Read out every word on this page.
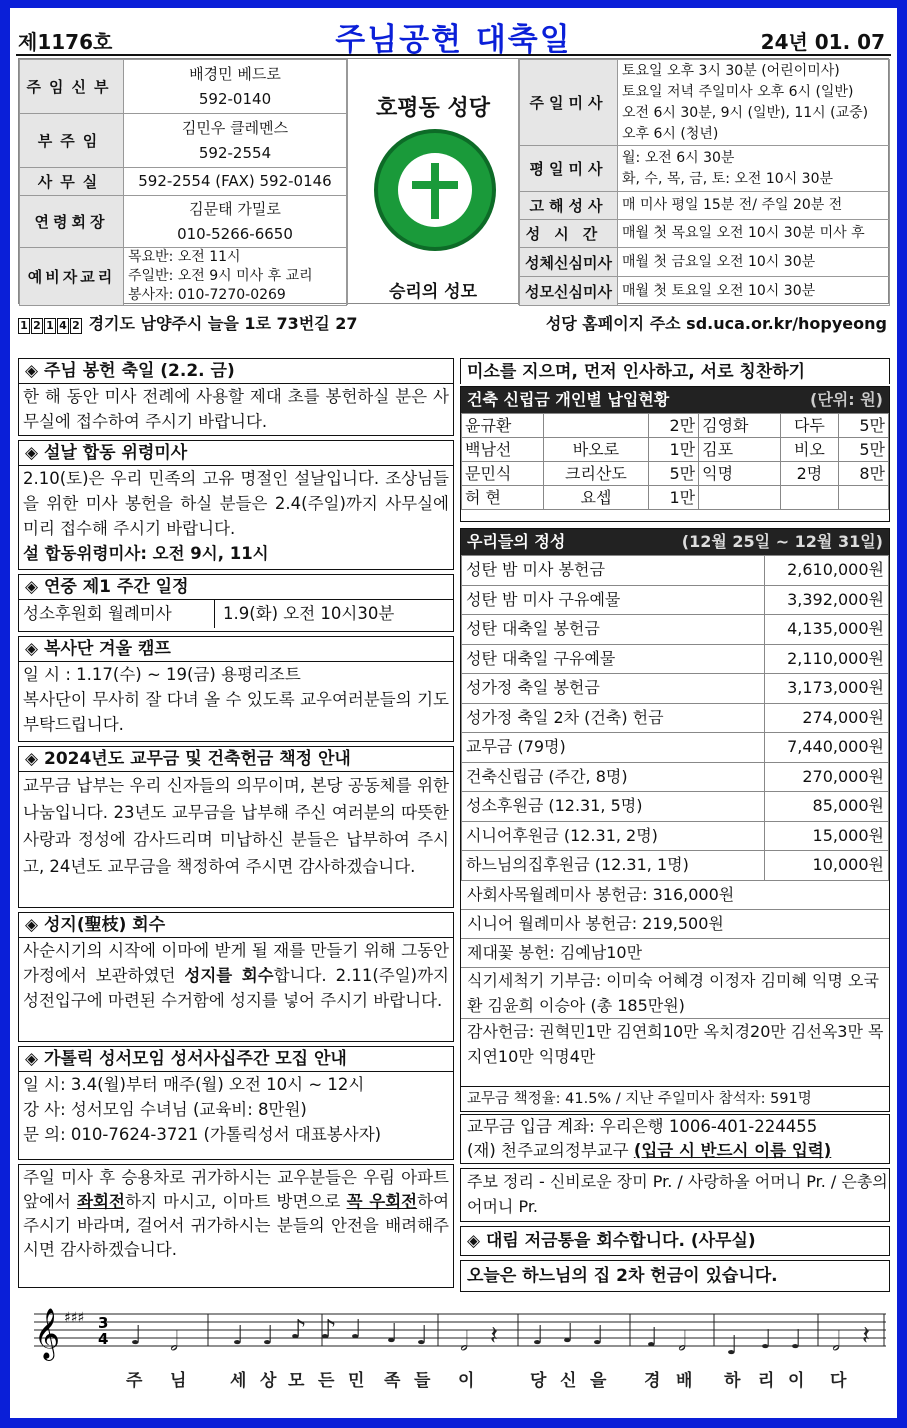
제1176호	주님공현 대축일	24년 01. 07
주임신부	배경민 베드로
592-0140

부주임	김민우 클레멘스
592-2554

사무실	592-2554 (FAX) 592-0146

연령회장	김문태 가밀로
010-5266-6650

예비자교리	목요반: 오전 11시
주일반: 오전 9시 미사 후 교리
봉사자: 010-7270-0269
호평동 성당
승리의 성모
주일미사	토요일 오후 3시 30분 (어린이미사)
토요일 저녁 주일미사 오후 6시 (일반)
오전 6시 30분, 9시 (일반), 11시 (교중)
오후 6시 (청년)

평일미사	월: 오전 6시 30분
화, 수, 목, 금, 토: 오전 10시 30분

고해성사	매 미사 평일 15분 전/ 주일 20분 전
성시간	매월 첫 목요일 오전 10시 30분 미사 후
성체신심미사	매월 첫 금요일 오전 10시 30분
성모신심미사	매월 첫 토요일 오전 10시 30분
1 2 1 4 2 경기도 남양주시 늘을 1로 73번길 27	성당 홈페이지 주소 sd.uca.or.kr/hopyeong
◈ 주님 봉헌 축일 (2.2. 금)
한 해 동안 미사 전례에 사용할 제대 초를 봉헌하실 분은 사무실에 접수하여 주시기 바랍니다.
◈ 설날 합동 위령미사
2.10(토)은 우리 민족의 고유 명절인 설날입니다. 조상님들을 위한 미사 봉헌을 하실 분들은 2.4(주일)까지 사무실에 미리 접수해 주시기 바랍니다.
설 합동위령미사: 오전 9시, 11시
◈ 연중 제1 주간 일정
성소후원회 월례미사	1.9(화) 오전 10시30분
◈ 복사단 겨울 캠프
일 시 : 1.17(수) ~ 19(금) 용평리조트
복사단이 무사히 잘 다녀 올 수 있도록 교우여러분들의 기도 부탁드립니다.
◈ 2024년도 교무금 및 건축헌금 책정 안내
교무금 납부는 우리 신자들의 의무이며, 본당 공동체를 위한 나눔입니다. 23년도 교무금을 납부해 주신 여러분의 따뜻한 사랑과 정성에 감사드리며 미납하신 분들은 납부하여 주시고, 24년도 교무금을 책정하여 주시면 감사하겠습니다.
◈ 성지(聖枝) 회수
사순시기의 시작에 이마에 받게 될 재를 만들기 위해 그동안 가정에서 보관하였던 성지를 회수합니다. 2.11(주일)까지 성전입구에 마련된 수거함에 성지를 넣어 주시기 바랍니다.
◈ 가톨릭 성서모임 성서사십주간 모집 안내
일 시: 3.4(월)부터 매주(월) 오전 10시 ~ 12시
강 사: 성서모임 수녀님 (교육비: 8만원)
문 의: 010-7624-3721 (가톨릭성서 대표봉사자)
주일 미사 후 승용차로 귀가하시는 교우분들은 우림 아파트 앞에서 좌회전하지 마시고, 이마트 방면으로 꼭 우회전하여 주시기 바라며, 걸어서 귀가하시는 분들의 안전을 배려해주시면 감사하겠습니다.
미소를 지으며, 먼저 인사하고, 서로 칭찬하기
건축 신립금 개인별 납입현황	(단위: 원)
윤규환		2만	김영화	다두	5만
백남선	바오로	1만	김포	비오	5만
문민식	크리산도	5만	익명	2명	8만
허 현	요셉	1만			
우리들의 정성	(12월 25일 ~ 12월 31일)
성탄 밤 미사 봉헌금	2,610,000원
성탄 밤 미사 구유예물	3,392,000원
성탄 대축일 봉헌금	4,135,000원
성탄 대축일 구유예물	2,110,000원
성가정 축일 봉헌금	3,173,000원
성가정 축일 2차 (건축) 헌금	274,000원
교무금 (79명)	7,440,000원
건축신립금 (주간, 8명)	270,000원
성소후원금 (12.31, 5명)	85,000원
시니어후원금 (12.31, 2명)	15,000원
하느님의집후원금 (12.31, 1명)	10,000원
사회사목월례미사 봉헌금: 316,000원
시니어 월례미사 봉헌금: 219,500원
제대꽃 봉헌: 김예남10만
식기세척기 기부금: 이미숙 어혜경 이정자 김미혜 익명 오국환 김윤희 이승아 (총 185만원)
감사헌금: 권혁민1만 김연희10만 옥치경20만 김선옥3만 목지연10만 익명4만
교무금 책정율: 41.5% / 지난 주일미사 참석자: 591명
교무금 입금 계좌: 우리은행 1006-401-224455
(재) 천주교의정부교구 (입금 시 반드시 이름 입력)
주보 정리 - 신비로운 장미 Pr. / 사랑하올 어머니 Pr. / 은총의 어머니 Pr.
◈ 대림 저금통을 회수합니다. (사무실)
오늘은 하느님의 집 2차 헌금이 있습니다.
𝄞 ♯♯♯ 3
4 ♩ 𝅗𝅥 ♩ ♩ ♪ ♪ ♩ ♩ ♩ 𝅗𝅥 𝄽 ♩ ♩ ♩ ♩ 𝅗𝅥 ♩ ♩ ♩ 𝅗𝅥 𝄽
주 님	세 상 모 든 민 족 들 이	당 신 을 경 배 하 리 이 다
